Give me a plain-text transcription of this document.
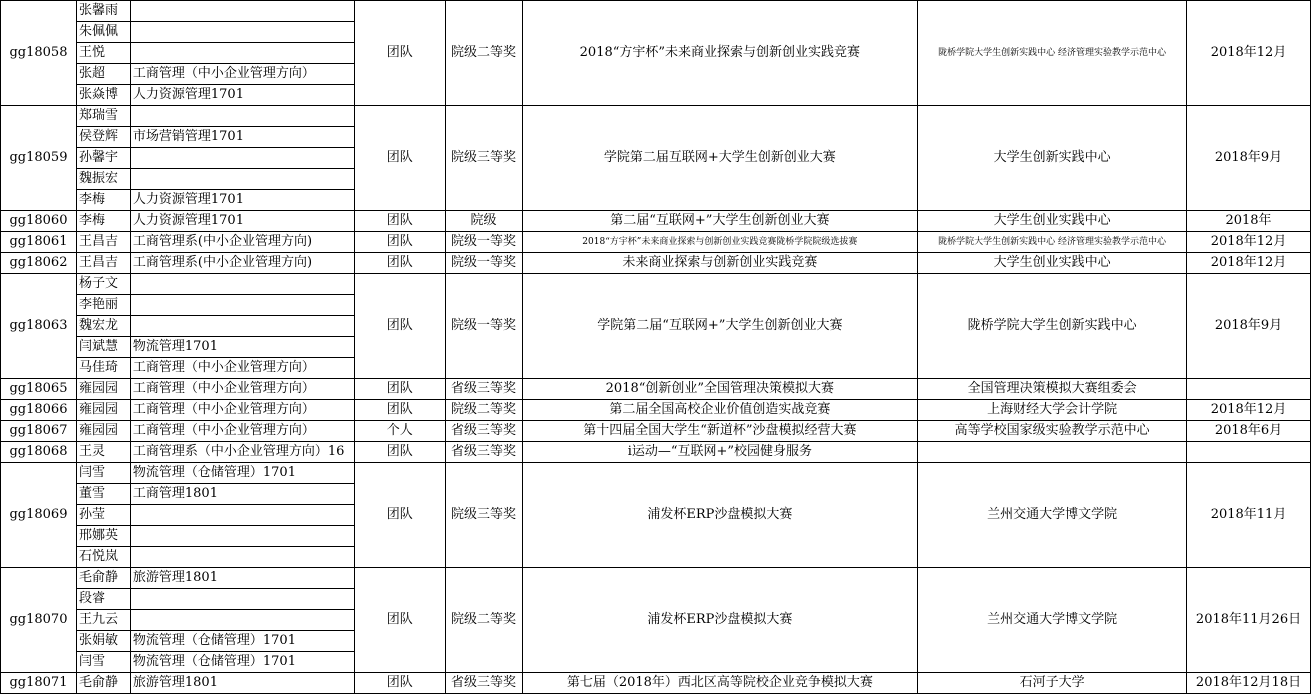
gg18058	张馨雨		团队	院级二等奖	2018“方宇杯”未来商业探索与创新创业实践竞赛	陇桥学院大学生创新实践中心 经济管理实验教学示范中心	2018年12月
	朱佩佩						
	王悦						
	张超	工商管理（中小企业管理方向）					
	张焱博	人力资源管理1701					
gg18059	郑瑞雪		团队	院级三等奖	学院第二届互联网+大学生创新创业大赛	大学生创新实践中心	2018年9月
	侯登辉	市场营销管理1701					
	孙馨宇						
	魏振宏						
	李梅	人力资源管理1701					
gg18060	李梅	人力资源管理1701	团队	院级	第二届“互联网+”大学生创新创业大赛	大学生创业实践中心	2018年
gg18061	王昌吉	工商管理系(中小企业管理方向)	团队	院级一等奖	2018“方宇杯”未来商业探索与创新创业实践竞赛陇桥学院院级选拔赛	陇桥学院大学生创新实践中心 经济管理实验教学示范中心	2018年12月
gg18062	王昌吉	工商管理系(中小企业管理方向)	团队	院级一等奖	未来商业探索与创新创业实践竞赛	大学生创业实践中心	2018年12月
gg18063	杨子文		团队	院级一等奖	学院第二届“互联网+”大学生创新创业大赛	陇桥学院大学生创新实践中心	2018年9月
	李艳丽						
	魏宏龙						
	闫斌慧	物流管理1701					
	马佳琦	工商管理（中小企业管理方向）					
gg18065	雍园园	工商管理（中小企业管理方向）	团队	省级三等奖	2018“创新创业”全国管理决策模拟大赛	全国管理决策模拟大赛组委会	
gg18066	雍园园	工商管理（中小企业管理方向）	团队	院级二等奖	第二届全国高校企业价值创造实战竞赛	上海财经大学会计学院	2018年12月
gg18067	雍园园	工商管理（中小企业管理方向）	个人	省级三等奖	第十四届全国大学生“新道杯”沙盘模拟经营大赛	高等学校国家级实验教学示范中心	2018年6月
gg18068	王灵	工商管理系（中小企业管理方向）16	团队	省级三等奖	i运动—“互联网+”校园健身服务		
gg18069	闫雪	物流管理（仓储管理）1701	团队	院级三等奖	浦发杯ERP沙盘模拟大赛	兰州交通大学博文学院	2018年11月
	董雪	工商管理1801					
	孙莹						
	邢娜英						
	石悦岚						
gg18070	毛俞静	旅游管理1801	团队	院级二等奖	浦发杯ERP沙盘模拟大赛	兰州交通大学博文学院	2018年11月26日
	段睿						
	王九云						
	张娟敏	物流管理（仓储管理）1701					
	闫雪	物流管理（仓储管理）1701					
gg18071	毛俞静	旅游管理1801	团队	省级三等奖	第七届（2018年）西北区高等院校企业竞争模拟大赛	石河子大学	2018年12月18日
